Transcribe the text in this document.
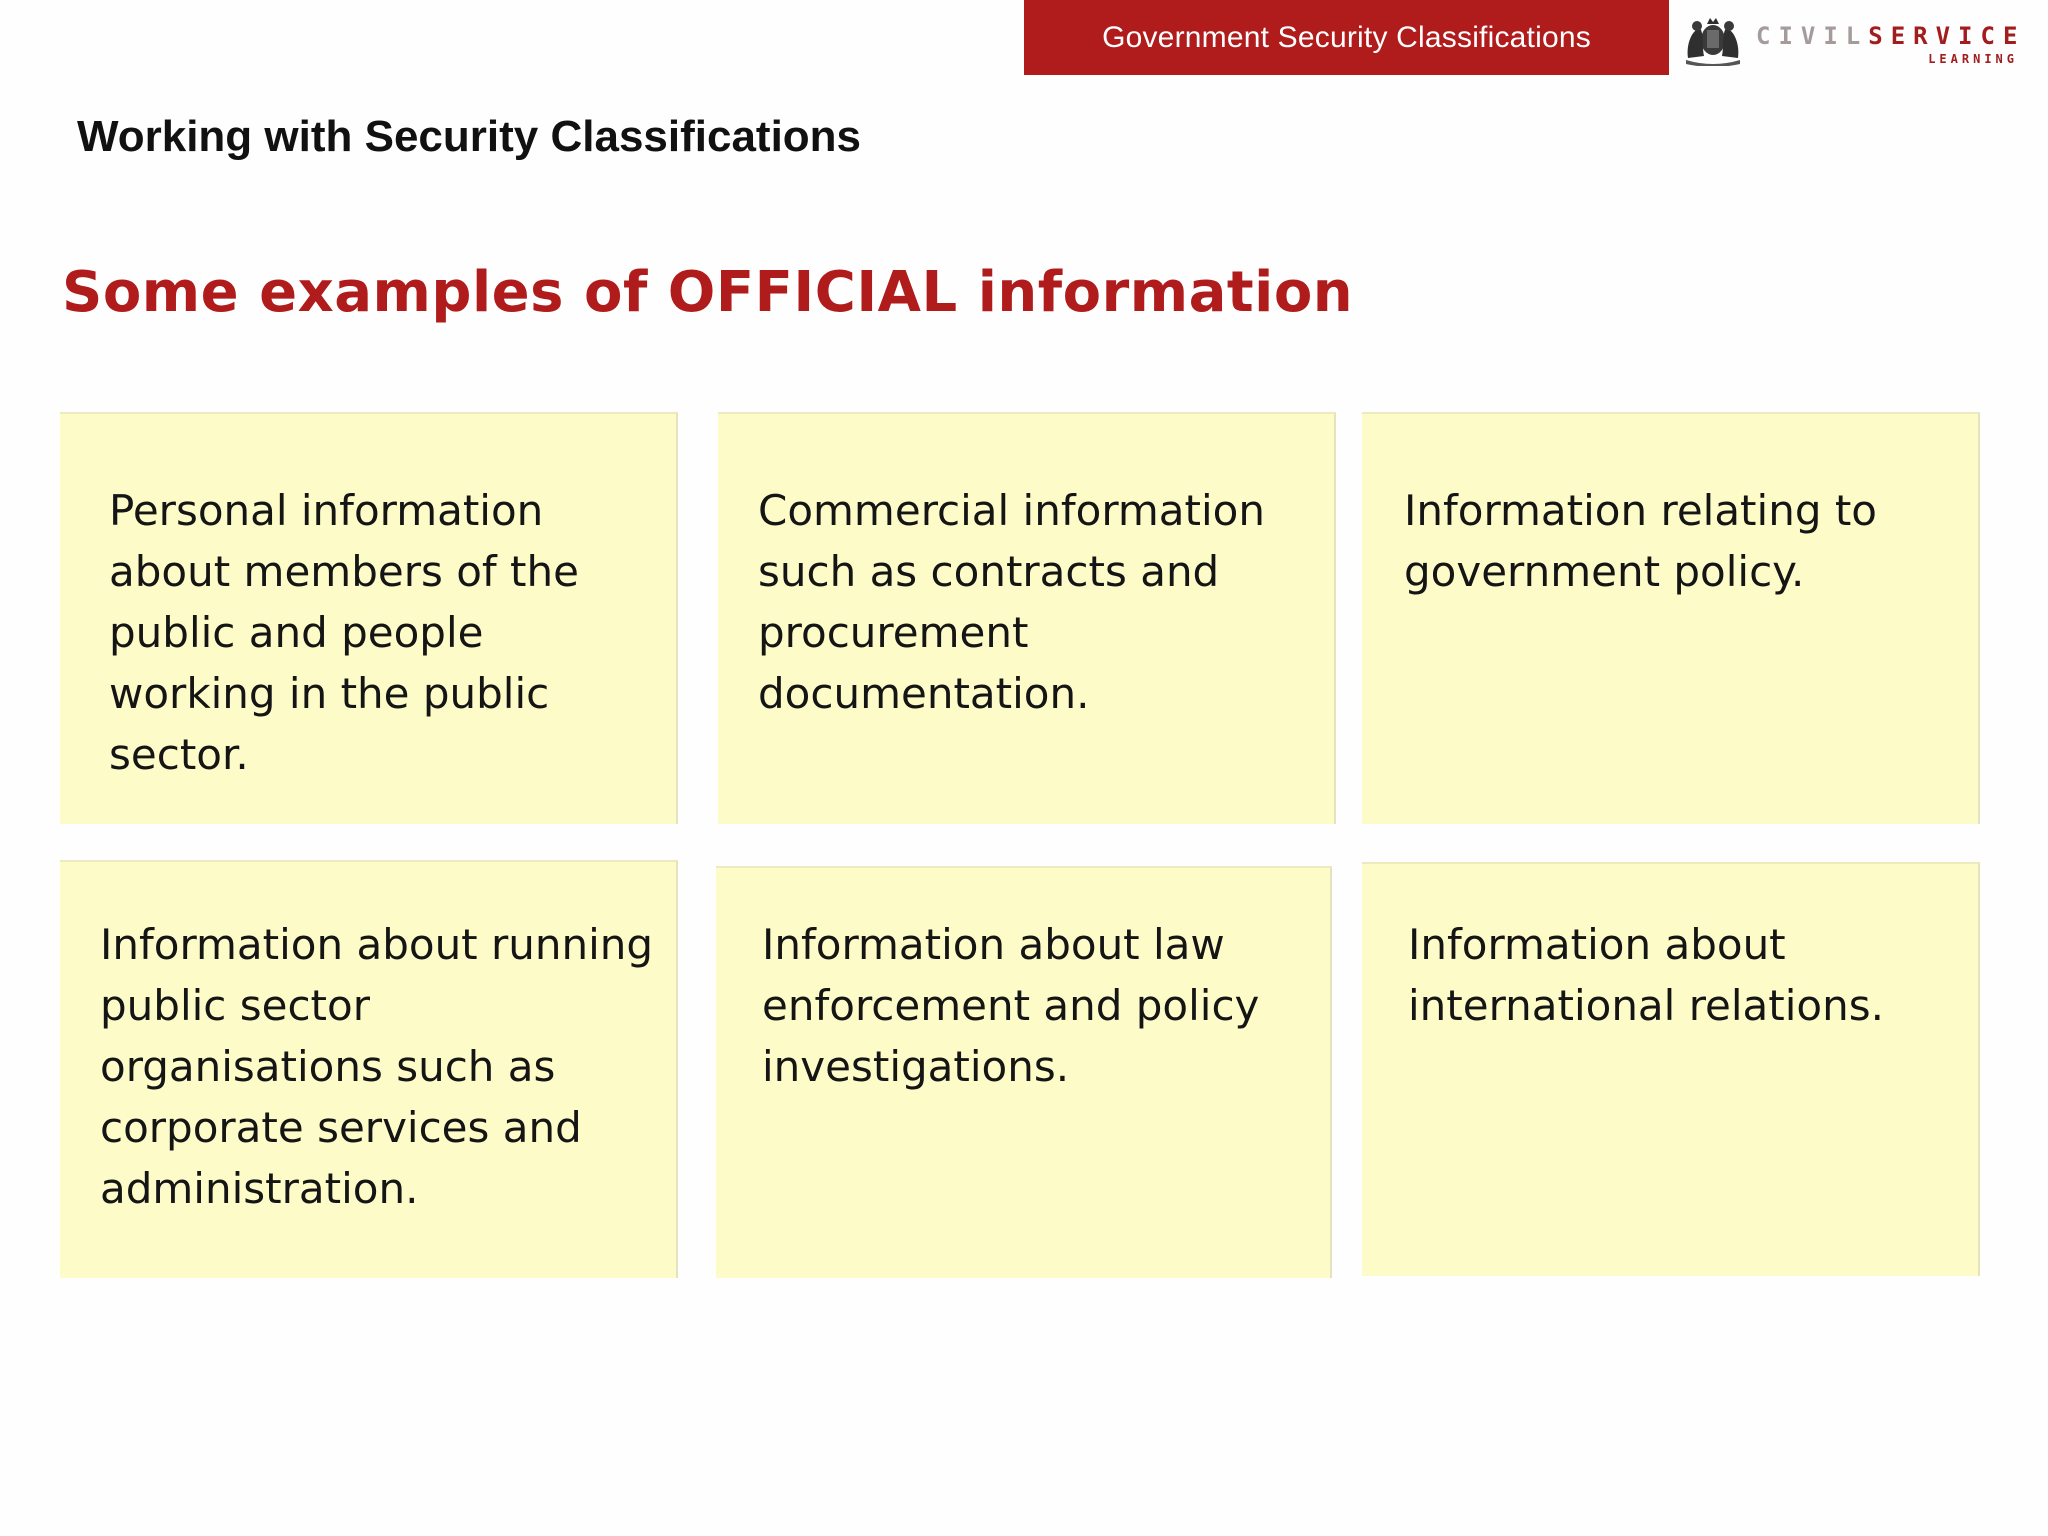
Government Security Classifications	CIVILSERVICE
LEARNING
Working with Security Classifications
Some examples of OFFICIAL information
Personal information about members of the public and people working in the public sector.
Commercial information such as contracts and procurement documentation.
Information relating to government policy.
Information about running public sector organisations such as corporate services and administration.
Information about law enforcement and policy investigations.
Information about international relations.
